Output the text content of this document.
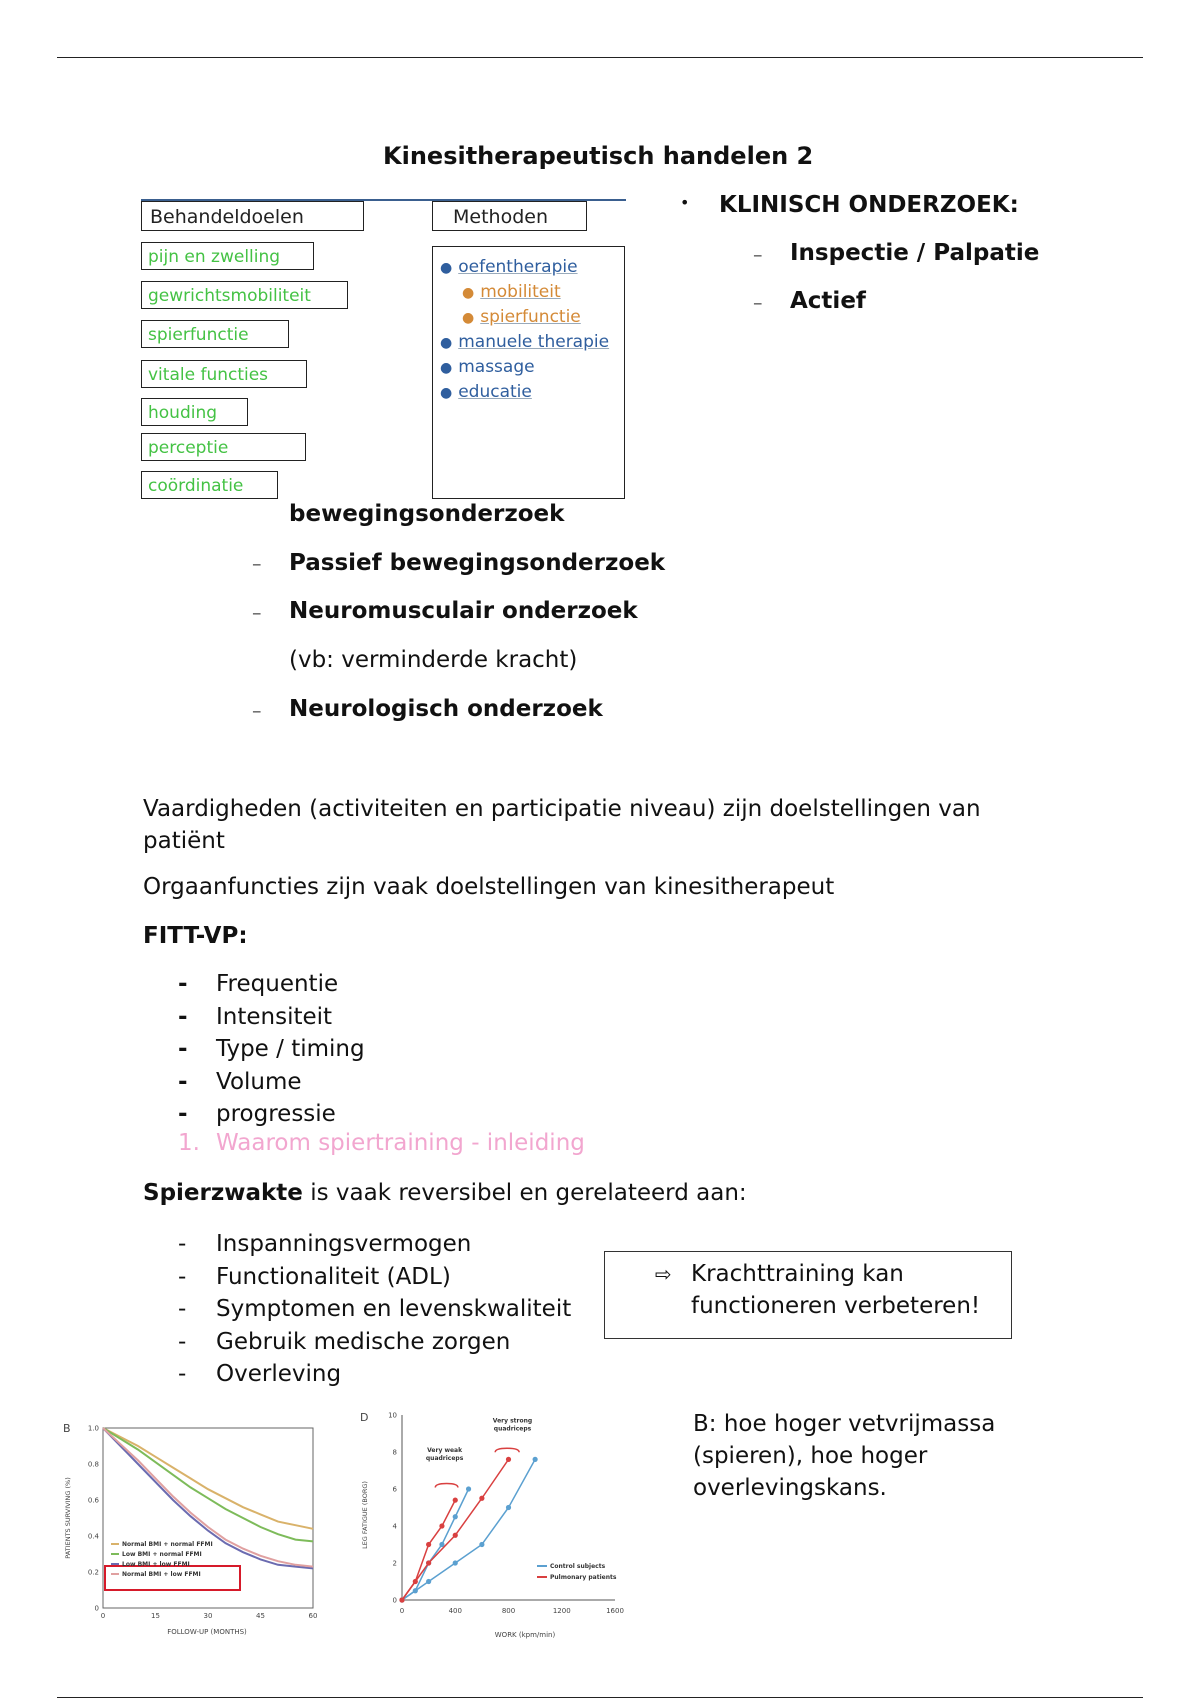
Kinesitherapeutisch handelen 2
Behandeldoelen	Methoden
pijn en zwelling
gewrichtsmobiliteit
spierfunctie
vitale functies
houding
perceptie
coördinatie
● oefentherapie
● mobiliteit
● spierfunctie
● manuele therapie
● massage
● educatie
• KLINISCH ONDERZOEK:
– Inspectie / Palpatie
– Actief
bewegingsonderzoek
– Passief bewegingsonderzoek
– Neuromusculair onderzoek
(vb: verminderde kracht)
– Neurologisch onderzoek
Vaardigheden (activiteiten en participatie niveau) zijn doelstellingen van patiënt
Orgaanfuncties zijn vaak doelstellingen van kinesitherapeut
FITT-VP:
- Frequentie
- Intensiteit
- Type / timing
- Volume
- progressie
1. Waarom spiertraining - inleiding
Spierzwakte is vaak reversibel en gerelateerd aan:
- Inspanningsvermogen
- Functionaliteit (ADL)
- Symptomen en levenskwaliteit
- Gebruik medische zorgen
- Overleving
⇨ Krachttraining kan functioneren verbeteren!
B
FOLLOW-UP (MONTHS)
PATIENTS SURVIVING (%)
0	15	30	45	60
0
0.2
0.4
0.6
0.8
1.0
Normal BMI + normal FFMI
Low BMI + normal FFMI
Low BMI + low FFMI
Normal BMI + low FFMI
D
WORK (kpm/min)
LEG FATIGUE (BORG)
0	400	800	1200	1600
0
2
4
6
8
10
Very weak
quadriceps
Very strong
quadriceps
Control subjects
Pulmonary patients
B: hoe hoger vetvrijmassa (spieren), hoe hoger overlevingskans.
